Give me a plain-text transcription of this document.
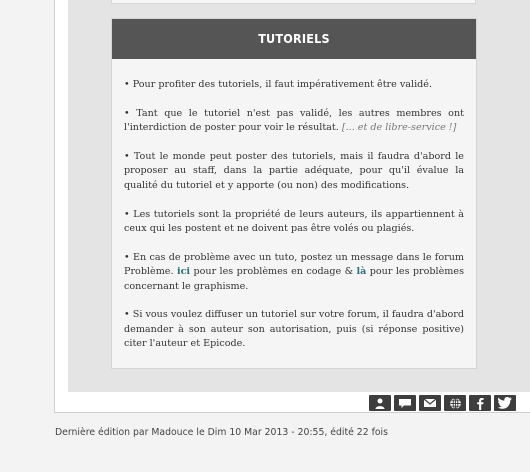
TUTORIELS

• Pour profiter des tutoriels, il faut impérativement être validé.

• Tant que le tutoriel n'est pas validé, les autres membres ont l'interdiction de poster pour voir le résultat. [... et de libre-service !]

• Tout le monde peut poster des tutoriels, mais il faudra d'abord le proposer au staff, dans la partie adéquate, pour qu'il évalue la qualité du tutoriel et y apporte (ou non) des modifications.

• Les tutoriels sont la propriété de leurs auteurs, ils appartiennent à ceux qui les postent et ne doivent pas être volés ou plagiés.

• En cas de problème avec un tuto, postez un message dans le forum Problème. ici pour les problèmes en codage & là pour les problèmes concernant le graphisme.

• Si vous voulez diffuser un tutoriel sur votre forum, il faudra d'abord demander à son auteur son autorisation, puis (si réponse positive) citer l'auteur et Epicode.

Dernière édition par Madouce le Dim 10 Mar 2013 - 20:55, édité 22 fois
